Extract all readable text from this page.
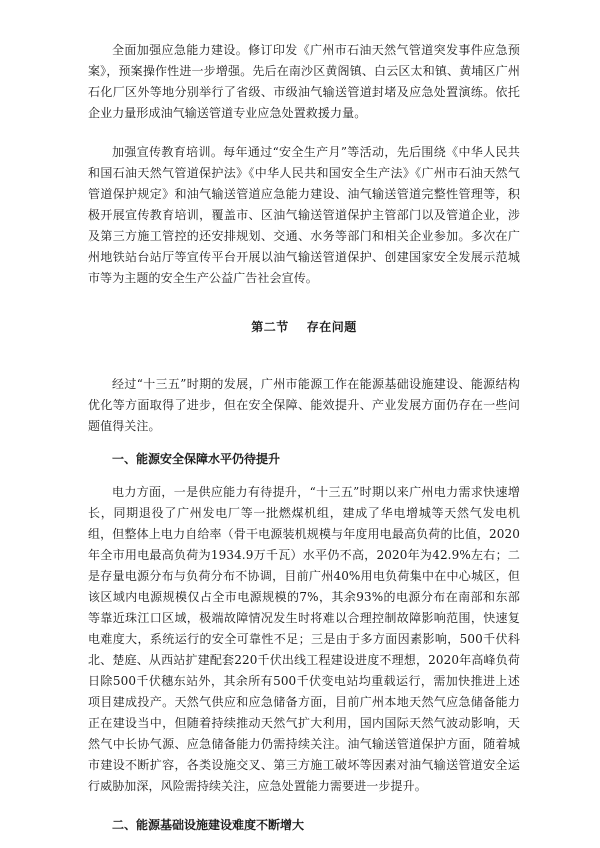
全面加强应急能力建设。修订印发《广州市石油天然气管道突发事件应急预案》，预案操作性进一步增强。先后在南沙区黄阁镇、白云区太和镇、黄埔区广州石化厂区外等地分别举行了省级、市级油气输送管道封堵及应急处置演练。依托企业力量形成油气输送管道专业应急处置救援力量。

加强宣传教育培训。每年通过“安全生产月”等活动，先后围绕《中华人民共和国石油天然气管道保护法》《中华人民共和国安全生产法》《广州市石油天然气管道保护规定》和油气输送管道应急能力建设、油气输送管道完整性管理等，积极开展宣传教育培训，覆盖市、区油气输送管道保护主管部门以及管道企业，涉及第三方施工管控的还安排规划、交通、水务等部门和相关企业参加。多次在广州地铁站台站厅等宣传平台开展以油气输送管道保护、创建国家安全发展示范城市等为主题的安全生产公益广告社会宣传。

第二节 存在问题

经过“十三五”时期的发展，广州市能源工作在能源基础设施建设、能源结构优化等方面取得了进步，但在安全保障、能效提升、产业发展方面仍存在一些问题值得关注。

一、能源安全保障水平仍待提升

电力方面，一是供应能力有待提升，“十三五”时期以来广州电力需求快速增长，同期退役了广州发电厂等一批燃煤机组，建成了华电增城等天然气发电机组，但整体上电力自给率（骨干电源装机规模与年度用电最高负荷的比值，2020年全市用电最高负荷为1934.9万千瓦）水平仍不高，2020年为42.9%左右；二是存量电源分布与负荷分布不协调，目前广州40%用电负荷集中在中心城区，但该区域内电源规模仅占全市电源规模的7%，其余93%的电源分布在南部和东部等靠近珠江口区域，极端故障情况发生时将难以合理控制故障影响范围，快速复电难度大，系统运行的安全可靠性不足；三是由于多方面因素影响，500千伏科北、楚庭、从西站扩建配套220千伏出线工程建设进度不理想，2020年高峰负荷日除500千伏穗东站外，其余所有500千伏变电站均重载运行，需加快推进上述项目建成投产。天然气供应和应急储备方面，目前广州本地天然气应急储备能力正在建设当中，但随着持续推动天然气扩大利用，国内国际天然气波动影响，天然气中长协气源、应急储备能力仍需持续关注。油气输送管道保护方面，随着城市建设不断扩容，各类设施交叉、第三方施工破坏等因素对油气输送管道安全运行威胁加深，风险需持续关注，应急处置能力需要进一步提升。

二、能源基础设施建设难度不断增大
